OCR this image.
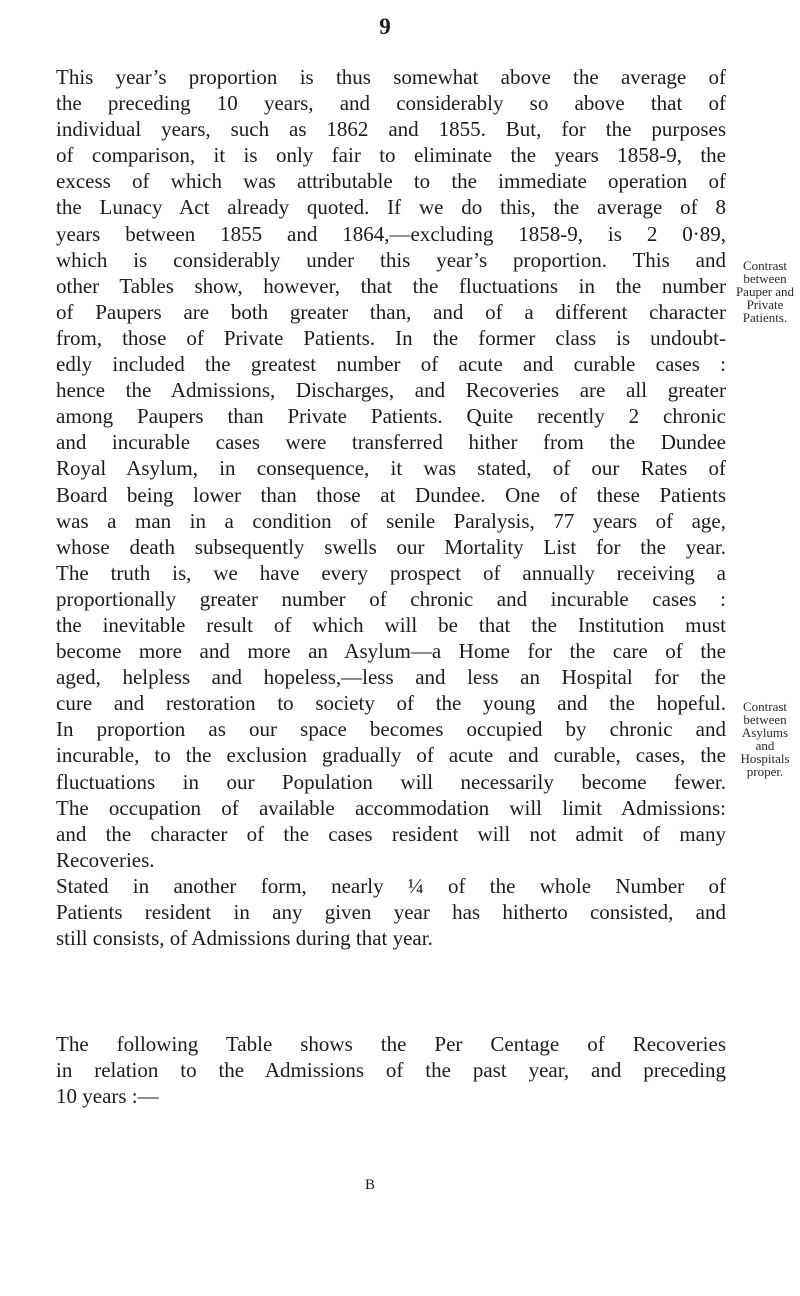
9
This year’s proportion is thus somewhat above the average of
the preceding 10 years, and considerably so above that of
individual years, such as 1862 and 1855. But, for the purposes
of comparison, it is only fair to eliminate the years 1858-9, the
excess of which was attributable to the immediate operation of
the Lunacy Act already quoted. If we do this, the average of 8
years between 1855 and 1864,—excluding 1858-9, is 2 0·89,
which is considerably under this year’s proportion. This and
other Tables show, however, that the fluctuations in the number
of Paupers are both greater than, and of a different character
from, those of Private Patients. In the former class is undoubt-
edly included the greatest number of acute and curable cases :
hence the Admissions, Discharges, and Recoveries are all greater
among Paupers than Private Patients. Quite recently 2 chronic
and incurable cases were transferred hither from the Dundee
Royal Asylum, in consequence, it was stated, of our Rates of
Board being lower than those at Dundee. One of these Patients
was a man in a condition of senile Paralysis, 77 years of age,
whose death subsequently swells our Mortality List for the year.
The truth is, we have every prospect of annually receiving a
proportionally greater number of chronic and incurable cases :
the inevitable result of which will be that the Institution must
become more and more an Asylum—a Home for the care of the
aged, helpless and hopeless,—less and less an Hospital for the
cure and restoration to society of the young and the hopeful.
In proportion as our space becomes occupied by chronic and
incurable, to the exclusion gradually of acute and curable, cases, the
fluctuations in our Population will necessarily become fewer.
The occupation of available accommodation will limit Admissions:
and the character of the cases resident will not admit of many
Recoveries.
Stated in another form, nearly ¼ of the whole Number of
Patients resident in any given year has hitherto consisted, and
still consists, of Admissions during that year.
Contrast
between
Pauper and
Private
Patients.
Contrast
between
Asylums
and
Hospitals
proper.
The following Table shows the Per Centage of Recoveries
in relation to the Admissions of the past year, and preceding
10 years :—
B
